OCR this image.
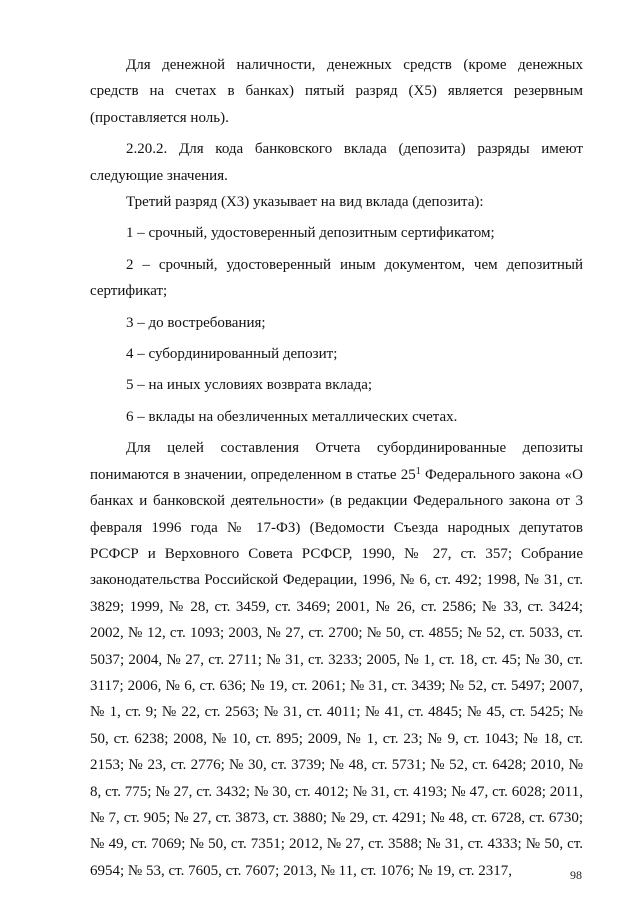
Для денежной наличности, денежных средств (кроме денежных средств на счетах в банках) пятый разряд (Х5) является резервным (проставляется ноль).

2.20.2. Для кода банковского вклада (депозита) разряды имеют следующие значения.

Третий разряд (Х3) указывает на вид вклада (депозита):

1 – срочный, удостоверенный депозитным сертификатом;

2 – срочный, удостоверенный иным документом, чем депозитный сертификат;

3 – до востребования;

4 – субординированный депозит;

5 – на иных условиях возврата вклада;

6 – вклады на обезличенных металлических счетах.

Для целей составления Отчета субординированные депозиты понимаются в значении, определенном в статье $25^1$ Федерального закона «О банках и банковской деятельности» (в редакции Федерального закона от 3 февраля 1996 года № 17-ФЗ) (Ведомости Съезда народных депутатов РСФСР и Верховного Совета РСФСР, 1990, № 27, ст. 357; Собрание законодательства Российской Федерации, 1996, № 6, ст. 492; 1998, № 31, ст. 3829; 1999, № 28, ст. 3459, ст. 3469; 2001, № 26, ст. 2586; № 33, ст. 3424; 2002, № 12, ст. 1093; 2003, № 27, ст. 2700; № 50, ст. 4855; № 52, ст. 5033, ст. 5037; 2004, № 27, ст. 2711; № 31, ст. 3233; 2005, № 1, ст. 18, ст. 45; № 30, ст. 3117; 2006, № 6, ст. 636; № 19, ст. 2061; № 31, ст. 3439; № 52, ст. 5497; 2007, № 1, ст. 9; № 22, ст. 2563; № 31, ст. 4011; № 41, ст. 4845; № 45, ст. 5425; № 50, ст. 6238; 2008, № 10, ст. 895; 2009, № 1, ст. 23; № 9, ст. 1043; № 18, ст. 2153; № 23, ст. 2776; № 30, ст. 3739; № 48, ст. 5731; № 52, ст. 6428; 2010, № 8, ст. 775; № 27, ст. 3432; № 30, ст. 4012; № 31, ст. 4193; № 47, ст. 6028; 2011, № 7, ст. 905; № 27, ст. 3873, ст. 3880; № 29, ст. 4291; № 48, ст. 6728, ст. 6730; № 49, ст. 7069; № 50, ст. 7351; 2012, № 27, ст. 3588; № 31, ст. 4333; № 50, ст. 6954; № 53, ст. 7605, ст. 7607; 2013, № 11, ст. 1076; № 19, ст. 2317,	98
